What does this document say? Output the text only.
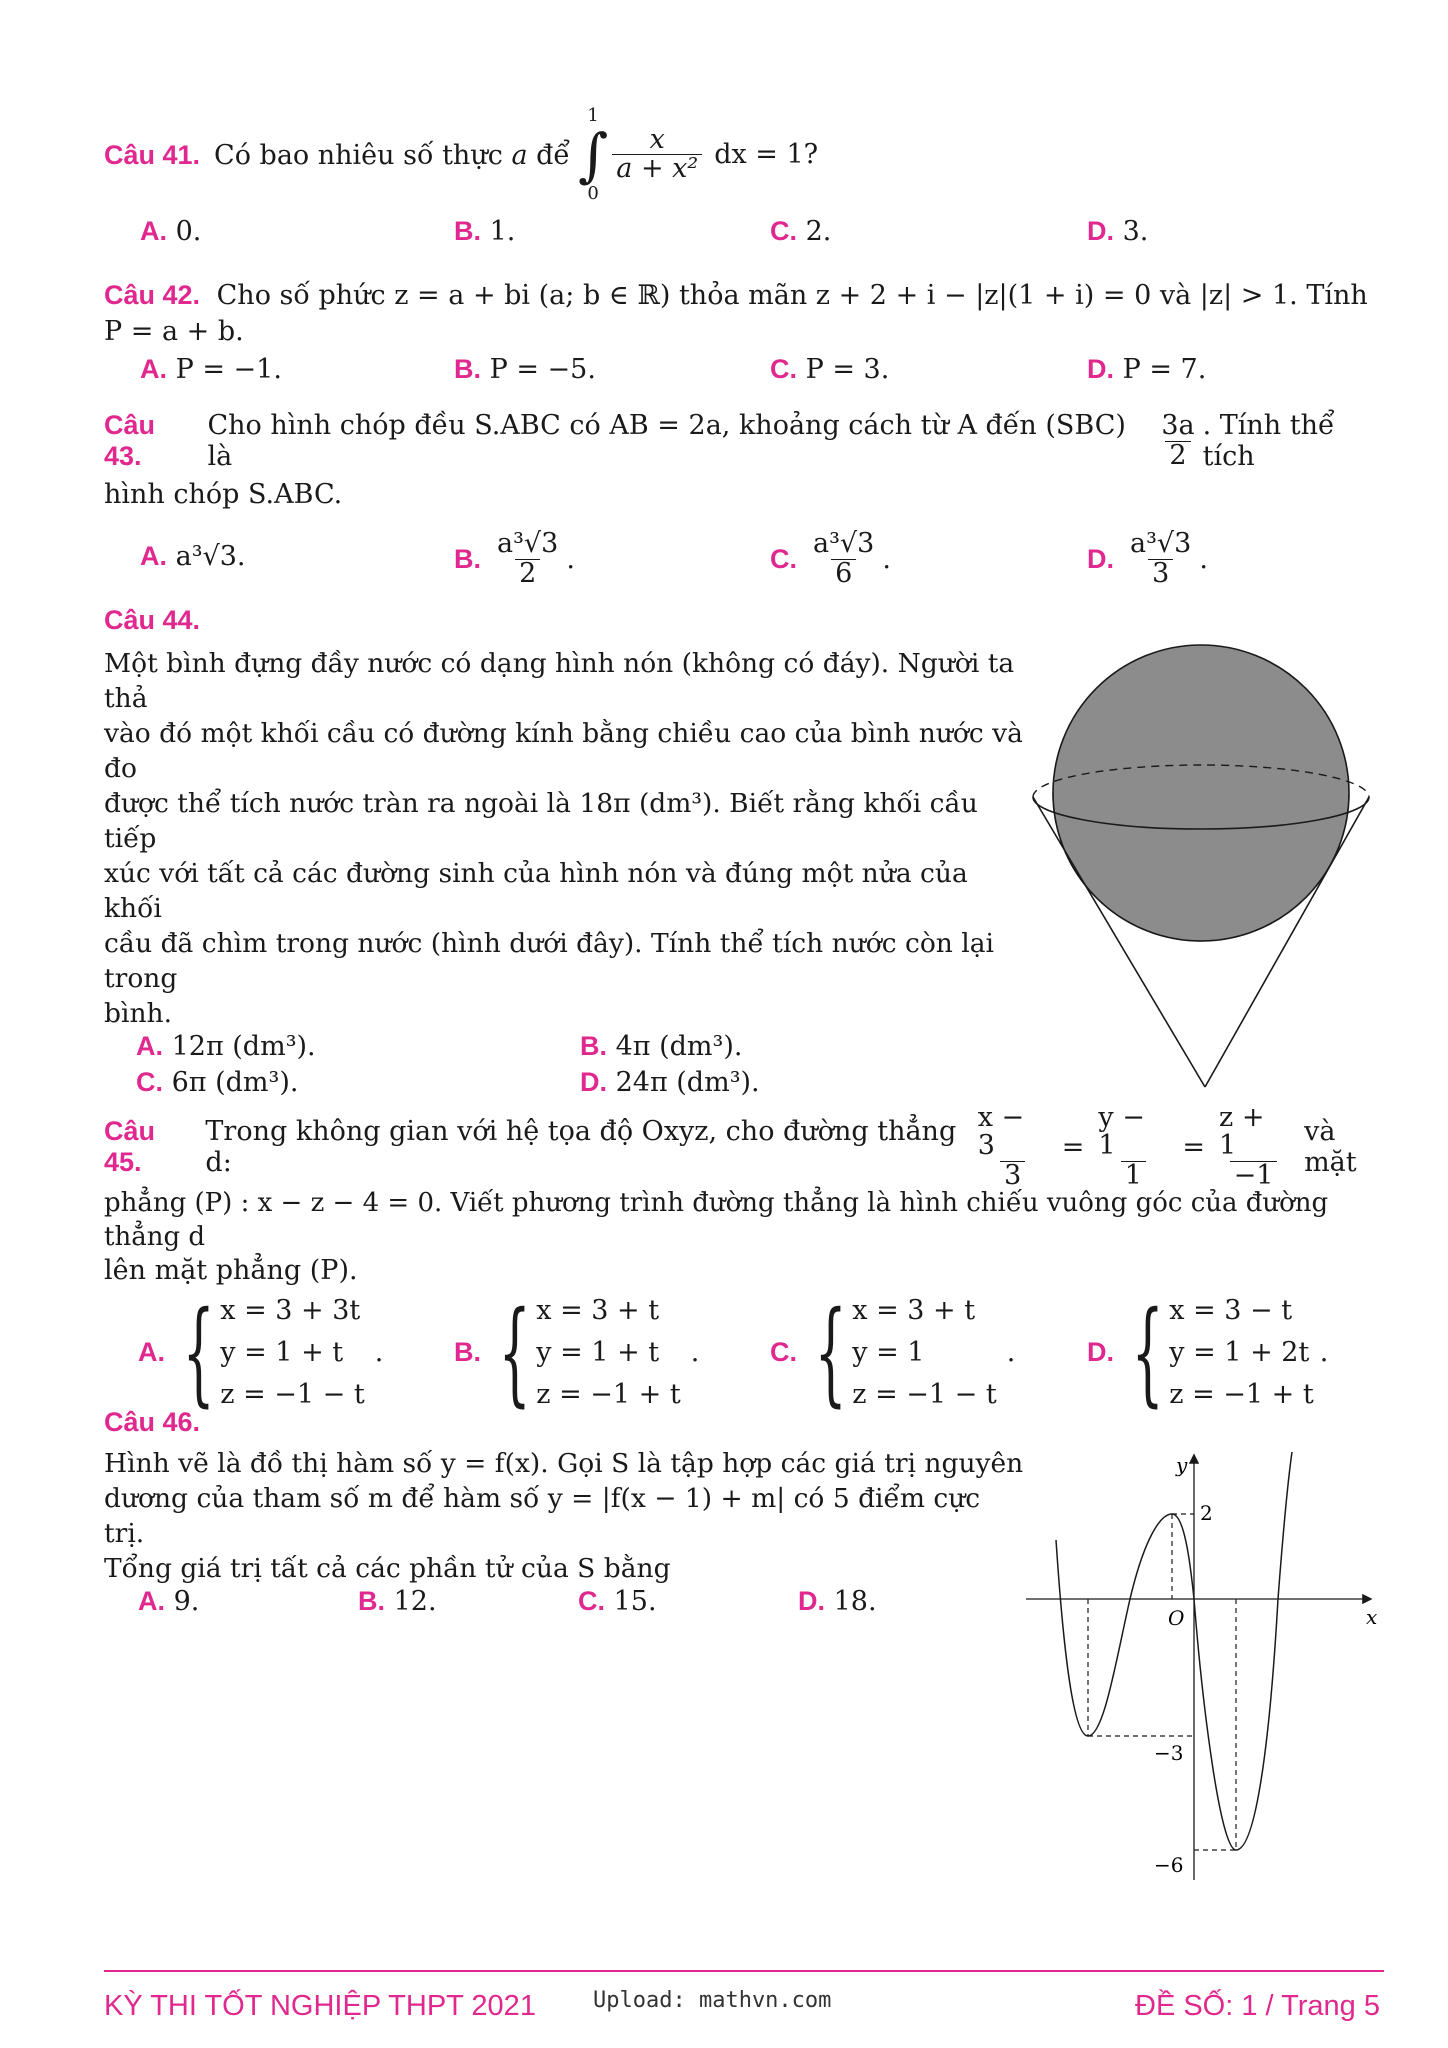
Câu 41. Có bao nhiêu số thực a để
1
∫
0
$\frac{x}{\text{a + x²}}$ dx = 1?
A. 0.	B. 1.	C. 2.	D. 3.
Câu 42. Cho số phức z = a + bi (a; b ∈ ℝ) thỏa mãn z + 2 + i − |z|(1 + i) = 0 và |z| > 1. Tính
P = a + b.
A. P = −1.	B. P = −5.	C. P = 3.	D. P = 7.
Câu 43.
Cho hình chóp đều S.ABC có AB = 2a, khoảng cách từ A đến (SBC) là	$\frac{3a}{2}$ . Tính thể tích
hình chóp S.ABC.
A. a³√3.	B. $\frac{\text{a³√3}}{2}$ .	C. $\frac{\text{a³√3}}{6}$ .	D. $\frac{\text{a³√3}}{3}$ .
Câu 44.
Một bình đựng đầy nước có dạng hình nón (không có đáy). Người ta thả
vào đó một khối cầu có đường kính bằng chiều cao của bình nước và đo
được thể tích nước tràn ra ngoài là 18π (dm³). Biết rằng khối cầu tiếp
xúc với tất cả các đường sinh của hình nón và đúng một nửa của khối
cầu đã chìm trong nước (hình dưới đây). Tính thể tích nước còn lại trong
bình.
A. 12π (dm³).	B. 4π (dm³).
C. 6π (dm³).	D. 24π (dm³).
Câu 45.
Trong không gian với hệ tọa độ Oxyz, cho đường thẳng d:	$\frac{x - 3}{3} = \frac{y - 1}{1} = \frac{z + 1}{-1}$ và mặt
phẳng (P) : x − z − 4 = 0. Viết phương trình đường thẳng là hình chiếu vuông góc của đường thẳng d
lên mặt phẳng (P).
A. { x = 3 + 3t
y = 1 + t
z = −1 − t
.	B. { x = 3 + t
y = 1 + t
z = −1 + t
.	C. { x = 3 + t
y = 1
z = −1 − t
.	D. { x = 3 − t
y = 1 + 2t
z = −1 + t
.
Câu 46.
Hình vẽ là đồ thị hàm số y = f(x). Gọi S là tập hợp các giá trị nguyên
dương của tham số m để hàm số y = |f(x − 1) + m| có 5 điểm cực trị.
Tổng giá trị tất cả các phần tử của S bằng
A. 9.	B. 12.	C. 15.	D. 18.
y
x
O
2
−3
−6
KỲ THI TỐT NGHIỆP THPT 2021	Upload: mathvn.com	ĐỀ SỐ: 1 / Trang 5
